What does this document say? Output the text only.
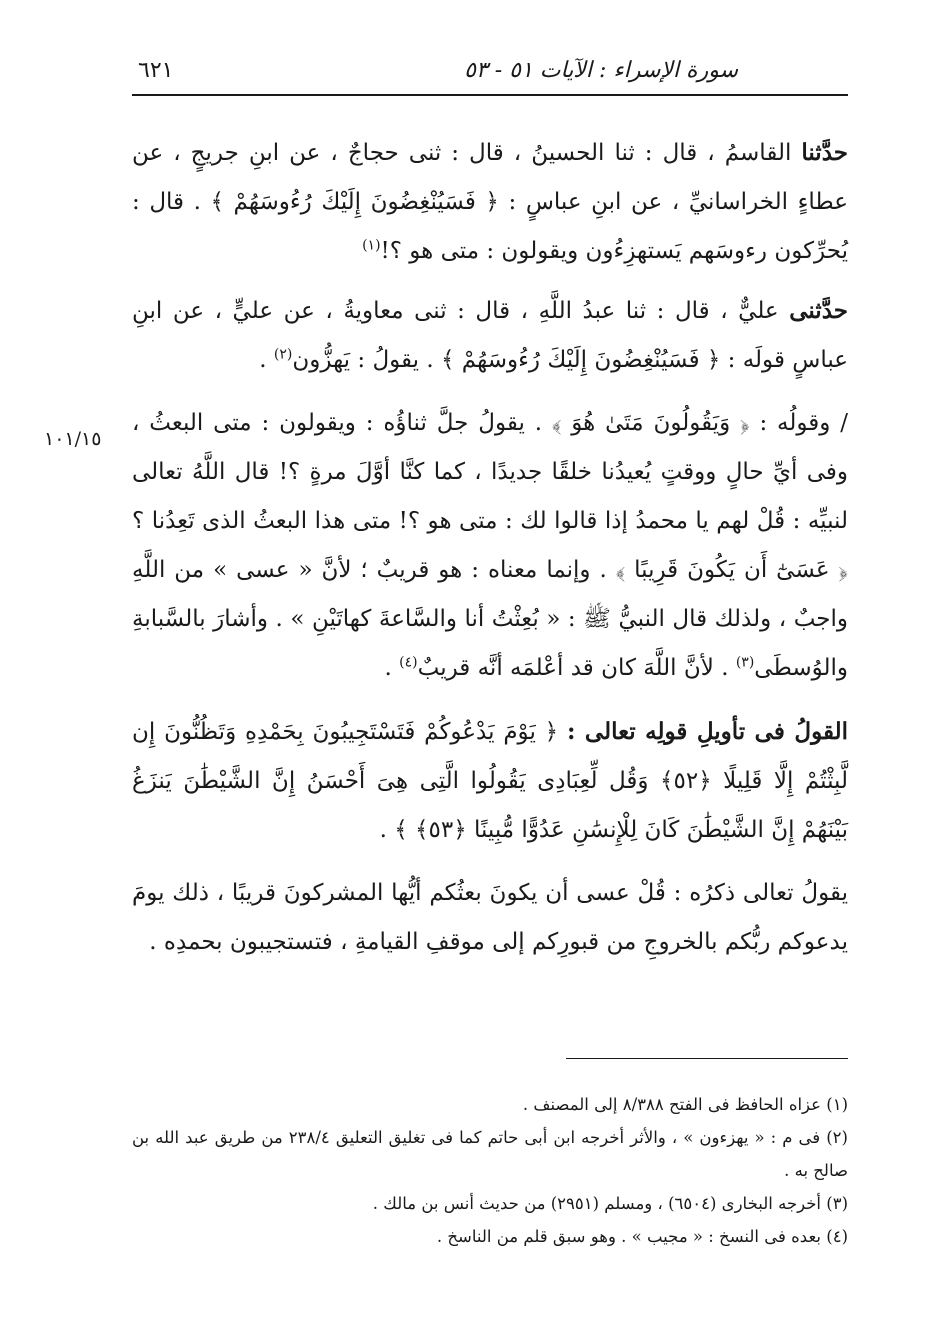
سورة الإسراء : الآيات ٥١ - ٥٣
٦٢١
١٠١/١٥

حدَّثنا القاسمُ ، قال : ثنا الحسينُ ، قال : ثنى حجاجٌ ، عن ابنِ جريجٍ ، عن عطاءٍ الخراسانيِّ ، عن ابنِ عباسٍ : ﴿ فَسَيُنْغِضُونَ إِلَيْكَ رُءُوسَهُمْ ﴾ . قال : يُحرِّكون رءوسَهم يَستهزِءُون ويقولون : متى هو ؟!$^{(١)}$

حدَّثنى عليٌّ ، قال : ثنا عبدُ اللَّهِ ، قال : ثنى معاويةُ ، عن عليٍّ ، عن ابنِ عباسٍ قولَه : ﴿ فَسَيُنْغِضُونَ إِلَيْكَ رُءُوسَهُمْ ﴾ . يقولُ : يَهزُّون$^{(٢)}$ .

/ وقولُه : ﴿ وَيَقُولُونَ مَتَىٰ هُوَ ﴾ . يقولُ جلَّ ثناؤُه : ويقولون : متى البعثُ ، وفى أيِّ حالٍ ووقتٍ يُعيدُنا خلقًا جديدًا ، كما كنَّا أوَّلَ مرةٍ ؟! قال اللَّهُ تعالى لنبيِّه : قُلْ لهم يا محمدُ إذا قالوا لك : متى هو ؟! متى هذا البعثُ الذى تَعِدُنا ؟ ﴿ عَسَىٰٓ أَن يَكُونَ قَرِيبًا ﴾ . وإنما معناه : هو قريبٌ ؛ لأنَّ « عسى » من اللَّهِ واجبٌ ، ولذلك قال النبيُّ ﷺ : « بُعِثْتُ أنا والسَّاعةَ كهاتَيْنِ » . وأشارَ بالسَّبابةِ والوُسطَى$^{(٣)}$ . لأنَّ اللَّهَ كان قد أعْلمَه أنَّه قريبٌ$^{(٤)}$ .

القولُ فى تأويلِ قولِه تعالى : ﴿ يَوْمَ يَدْعُوكُمْ فَتَسْتَجِيبُونَ بِحَمْدِهِ وَتَظُنُّونَ إِن لَّبِثْتُمْ إِلَّا قَلِيلًا ﴿٥٢﴾ وَقُل لِّعِبَادِى يَقُولُوا الَّتِى هِىَ أَحْسَنُ إِنَّ الشَّيْطَٰنَ يَنزَغُ بَيْنَهُمْ إِنَّ الشَّيْطَٰنَ كَانَ لِلْإِنسَٰنِ عَدُوًّا مُّبِينًا ﴿٥٣﴾ ﴾ .

يقولُ تعالى ذكرُه : قُلْ عسى أن يكونَ بعثُكم أيُّها المشركونَ قريبًا ، ذلك يومَ يدعوكم ربُّكم بالخروجِ من قبورِكم إلى موقفِ القيامةِ ، فتستجيبون بحمدِه .

(١) عزاه الحافظ فى الفتح ٨/٣٨٨ إلى المصنف .

(٢) فى م : « يهزءون » ، والأثر أخرجه ابن أبى حاتم كما فى تغليق التعليق ٢٣٨/٤ من طريق عبد الله بن صالح به .

(٣) أخرجه البخارى (٦٥٠٤) ، ومسلم (٢٩٥١) من حديث أنس بن مالك .

(٤) بعده فى النسخ : « مجيب » . وهو سبق قلم من الناسخ .
